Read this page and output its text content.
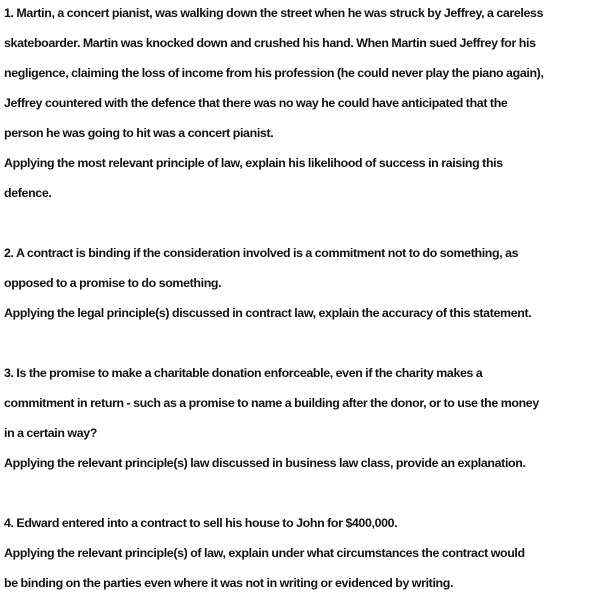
1. Martin, a concert pianist, was walking down the street when he was struck by Jeffrey, a careless
skateboarder. Martin was knocked down and crushed his hand. When Martin sued Jeffrey for his
negligence, claiming the loss of income from his profession (he could never play the piano again),
Jeffrey countered with the defence that there was no way he could have anticipated that the
person he was going to hit was a concert pianist.
Applying the most relevant principle of law, explain his likelihood of success in raising this
defence.
2. A contract is binding if the consideration involved is a commitment not to do something, as
opposed to a promise to do something.
Applying the legal principle(s) discussed in contract law, explain the accuracy of this statement.
3. Is the promise to make a charitable donation enforceable, even if the charity makes a
commitment in return - such as a promise to name a building after the donor, or to use the money
in a certain way?
Applying the relevant principle(s) law discussed in business law class, provide an explanation.
4. Edward entered into a contract to sell his house to John for $400,000.
Applying the relevant principle(s) of law, explain under what circumstances the contract would
be binding on the parties even where it was not in writing or evidenced by writing.
